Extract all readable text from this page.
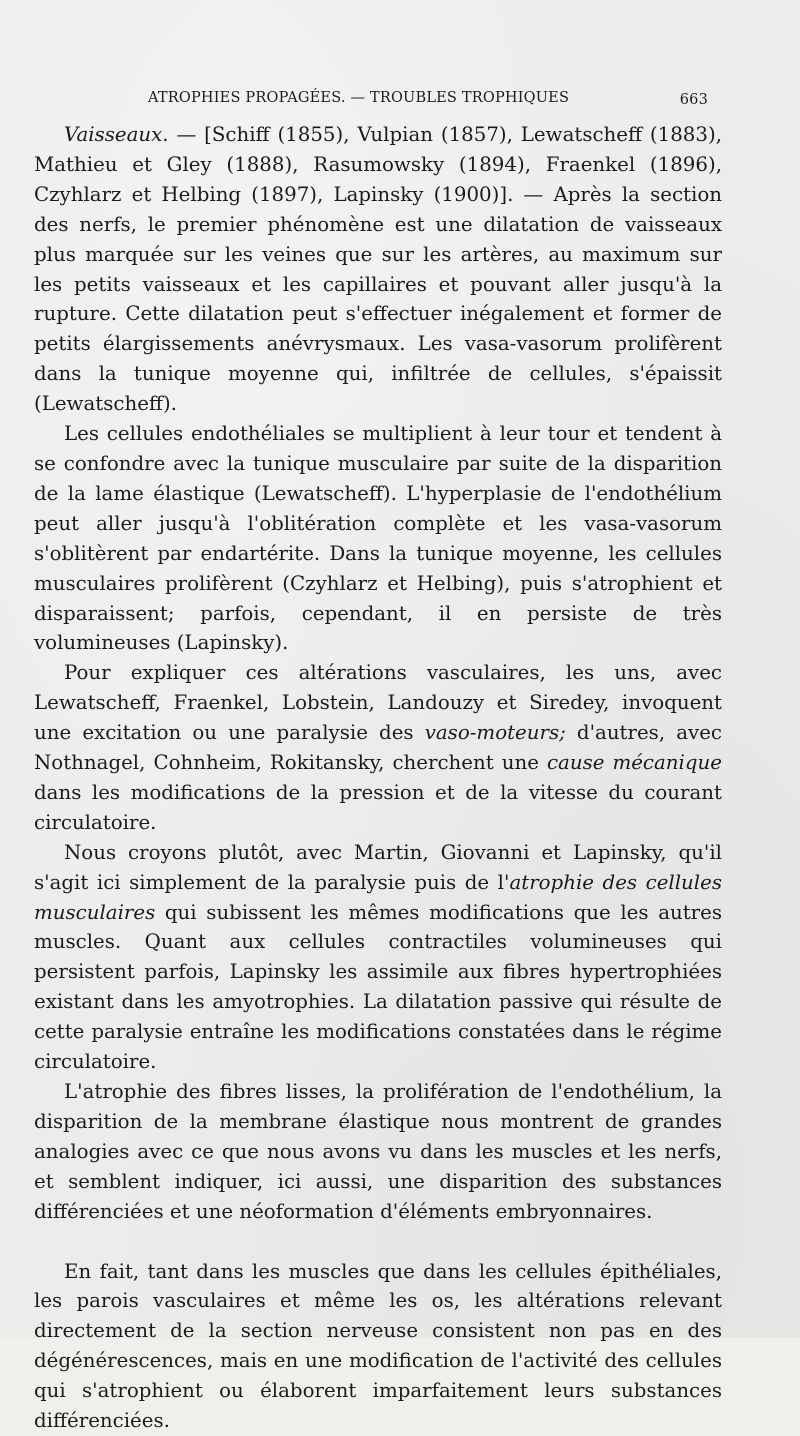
ATROPHIES PROPAGÉES. — TROUBLES TROPHIQUES	663

Vaisseaux. — [Schiff (1855), Vulpian (1857), Lewatscheff (1883), Mathieu et Gley (1888), Rasumowsky (1894), Fraenkel (1896), Czyhlarz et Helbing (1897), Lapinsky (1900)]. — Après la section des nerfs, le premier phénomène est une dilatation de vaisseaux plus marquée sur les veines que sur les artères, au maximum sur les petits vaisseaux et les capillaires et pouvant aller jusqu'à la rupture. Cette dilatation peut s'effectuer inégalement et former de petits élargissements anévrysmaux. Les vasa-vasorum prolifèrent dans la tunique moyenne qui, infiltrée de cellules, s'épaissit (Lewatscheff).

Les cellules endothéliales se multiplient à leur tour et tendent à se confondre avec la tunique musculaire par suite de la disparition de la lame élastique (Lewatscheff). L'hyperplasie de l'endothélium peut aller jusqu'à l'oblitération complète et les vasa-vasorum s'oblitèrent par endartérite. Dans la tunique moyenne, les cellules musculaires prolifèrent (Czyhlarz et Helbing), puis s'atrophient et disparaissent; parfois, cependant, il en persiste de très volumineuses (Lapinsky).

Pour expliquer ces altérations vasculaires, les uns, avec Lewatscheff, Fraenkel, Lobstein, Landouzy et Siredey, invoquent une excitation ou une paralysie des vaso-moteurs; d'autres, avec Nothnagel, Cohnheim, Rokitansky, cherchent une cause mécanique dans les modifications de la pression et de la vitesse du courant circulatoire.

Nous croyons plutôt, avec Martin, Giovanni et Lapinsky, qu'il s'agit ici simplement de la paralysie puis de l'atrophie des cellules musculaires qui subissent les mêmes modifications que les autres muscles. Quant aux cellules contractiles volumineuses qui persistent parfois, Lapinsky les assimile aux fibres hypertrophiées existant dans les amyotrophies. La dilatation passive qui résulte de cette paralysie entraîne les modifications constatées dans le régime circulatoire.

L'atrophie des fibres lisses, la prolifération de l'endothélium, la disparition de la membrane élastique nous montrent de grandes analogies avec ce que nous avons vu dans les muscles et les nerfs, et semblent indiquer, ici aussi, une disparition des substances différenciées et une néoformation d'éléments embryonnaires.

En fait, tant dans les muscles que dans les cellules épithéliales, les parois vasculaires et même les os, les altérations relevant directement de la section nerveuse consistent non pas en des dégénérescences, mais en une modification de l'activité des cellules qui s'atrophient ou élaborent imparfaitement leurs substances différenciées.
